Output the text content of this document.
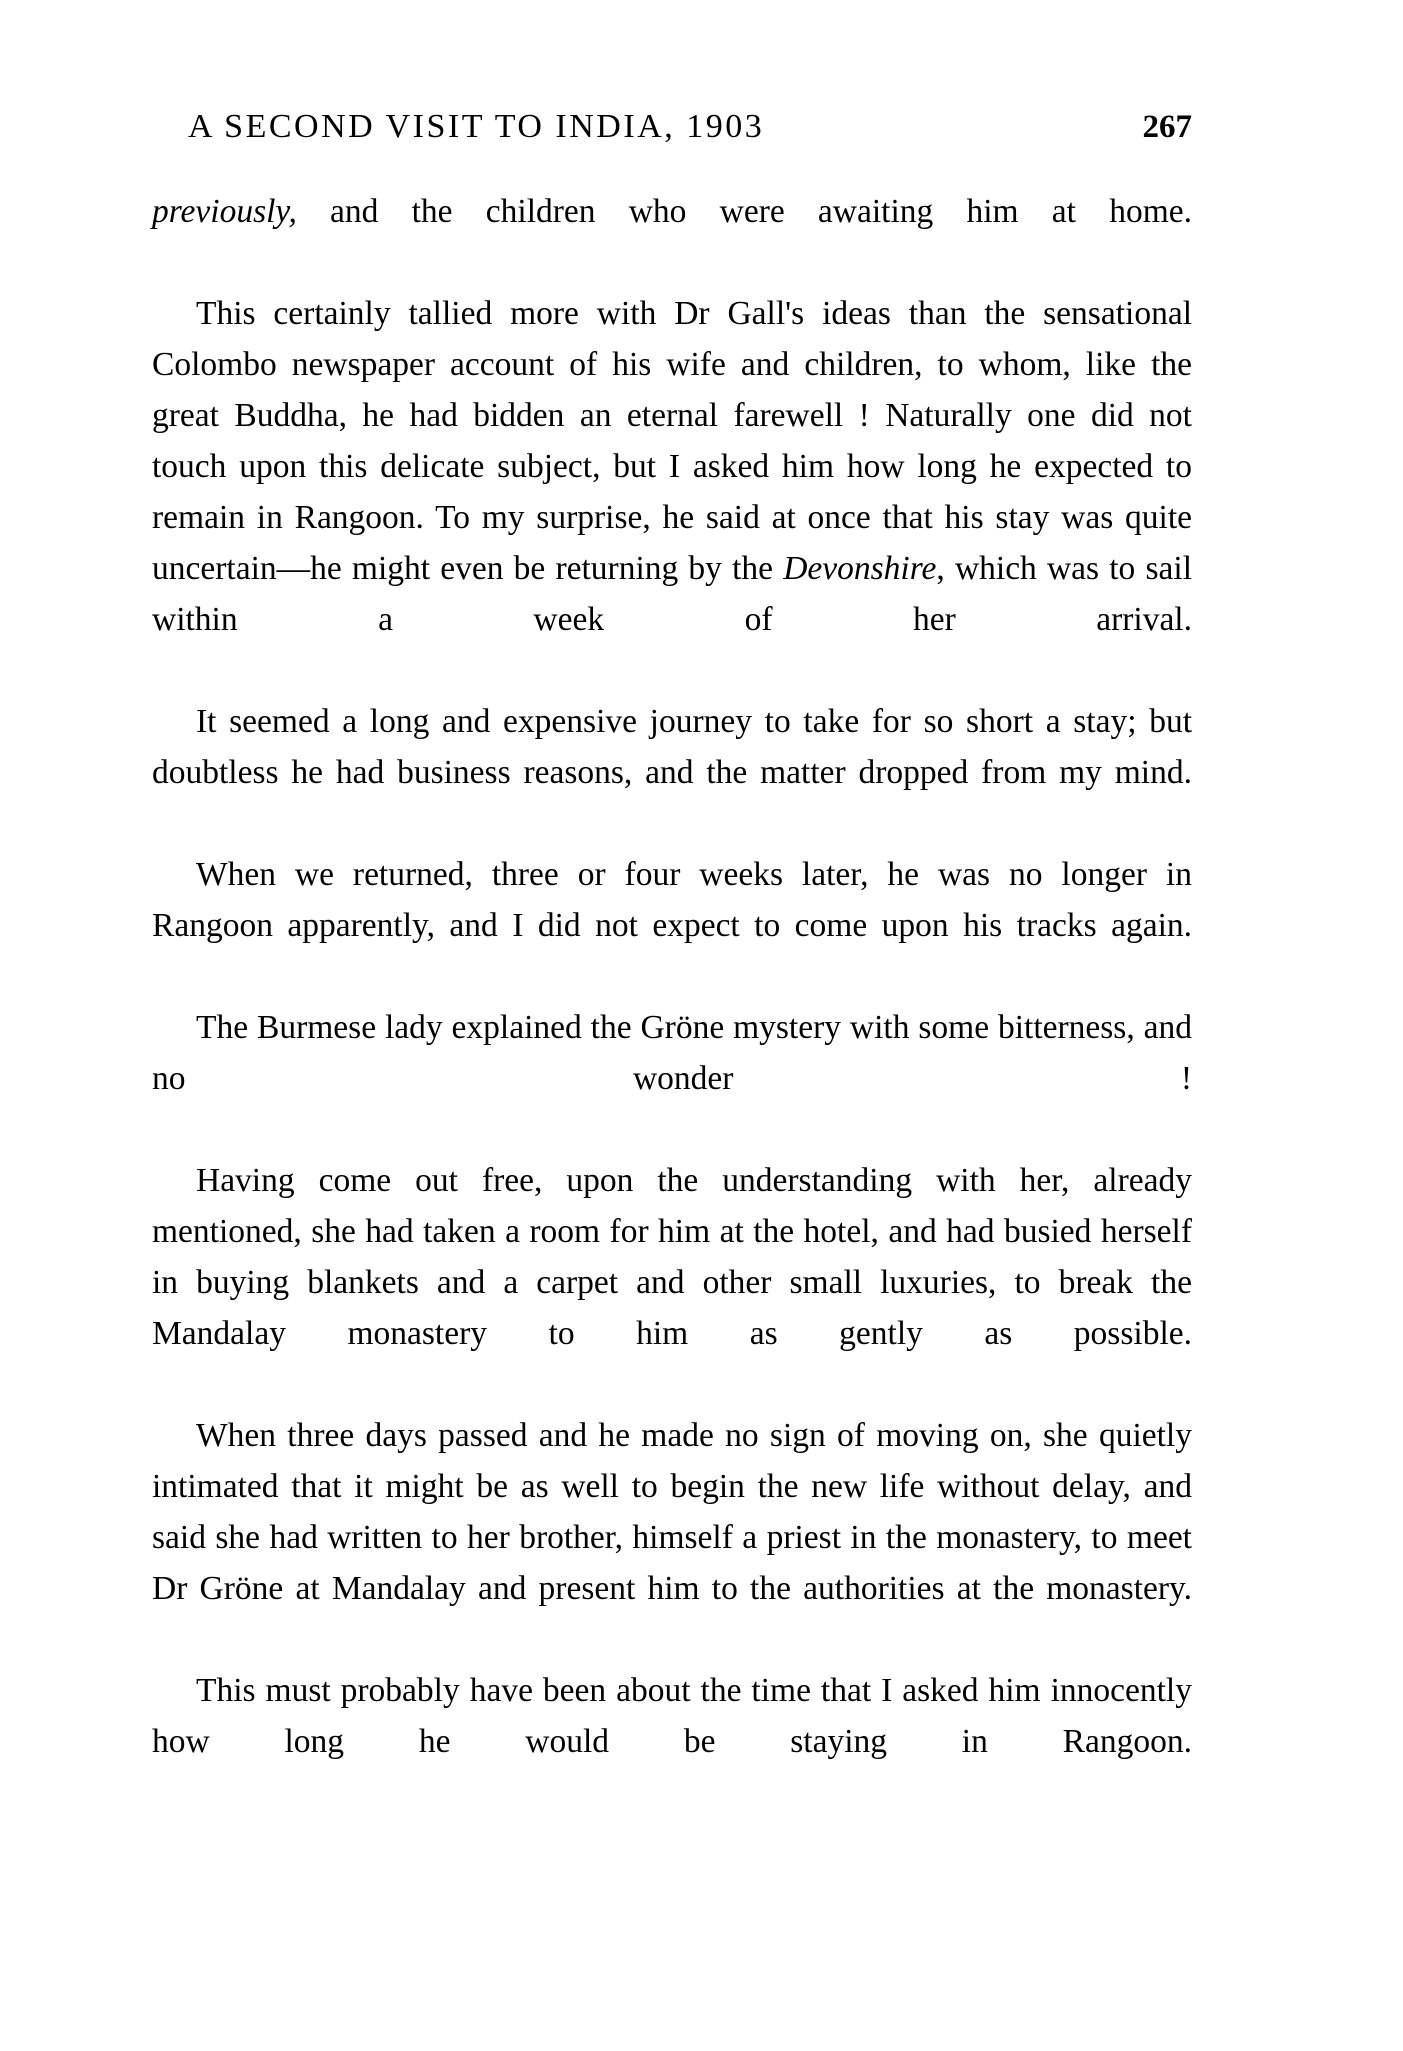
A SECOND VISIT TO INDIA, 1903	267

previously, and the children who were awaiting him at home.

This certainly tallied more with Dr Gall's ideas than the sensational Colombo newspaper account of his wife and children, to whom, like the great Buddha, he had bidden an eternal farewell ! Naturally one did not touch upon this delicate subject, but I asked him how long he expected to remain in Rangoon. To my surprise, he said at once that his stay was quite uncertain—he might even be returning by the Devonshire, which was to sail within a week of her arrival.

It seemed a long and expensive journey to take for so short a stay; but doubtless he had business reasons, and the matter dropped from my mind.

When we returned, three or four weeks later, he was no longer in Rangoon apparently, and I did not expect to come upon his tracks again.

The Burmese lady explained the Gröne mystery with some bitterness, and no wonder !

Having come out free, upon the understanding with her, already mentioned, she had taken a room for him at the hotel, and had busied herself in buying blankets and a carpet and other small luxuries, to break the Mandalay monastery to him as gently as possible.

When three days passed and he made no sign of moving on, she quietly intimated that it might be as well to begin the new life without delay, and said she had written to her brother, himself a priest in the monastery, to meet Dr Gröne at Mandalay and present him to the authorities at the monastery.

This must probably have been about the time that I asked him innocently how long he would be staying in Rangoon.
